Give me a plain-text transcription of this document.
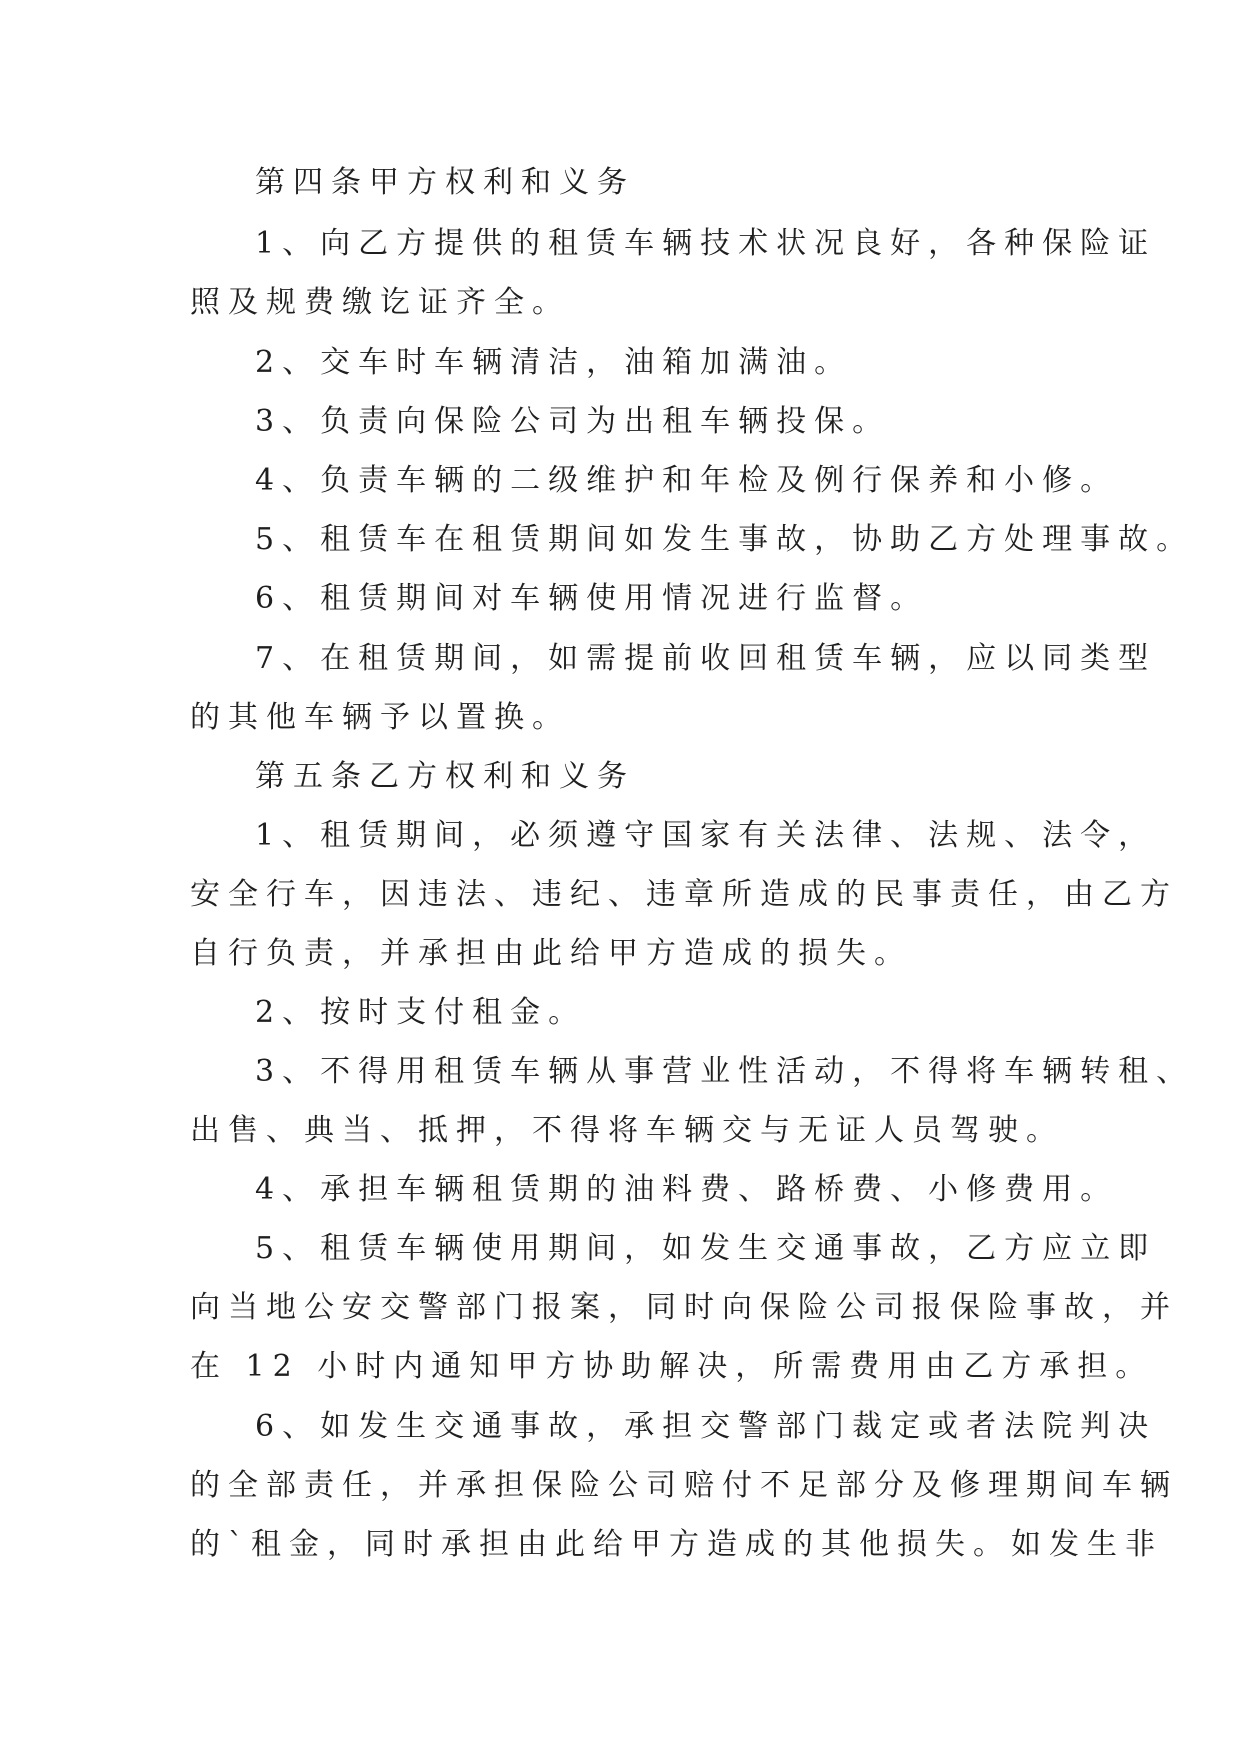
第四条甲方权利和义务
1、向乙方提供的租赁车辆技术状况良好，各种保险证
照及规费缴讫证齐全。
2、交车时车辆清洁，油箱加满油。
3、负责向保险公司为出租车辆投保。
4、负责车辆的二级维护和年检及例行保养和小修。
5、租赁车在租赁期间如发生事故，协助乙方处理事故。
6、租赁期间对车辆使用情况进行监督。
7、在租赁期间，如需提前收回租赁车辆，应以同类型
的其他车辆予以置换。
第五条乙方权利和义务
1、租赁期间，必须遵守国家有关法律、法规、法令，
安全行车，因违法、违纪、违章所造成的民事责任，由乙方
自行负责，并承担由此给甲方造成的损失。
2、按时支付租金。
3、不得用租赁车辆从事营业性活动，不得将车辆转租、
出售、典当、抵押，不得将车辆交与无证人员驾驶。
4、承担车辆租赁期的油料费、路桥费、小修费用。
5、租赁车辆使用期间，如发生交通事故，乙方应立即
向当地公安交警部门报案，同时向保险公司报保险事故，并
在 12 小时内通知甲方协助解决，所需费用由乙方承担。
6、如发生交通事故，承担交警部门裁定或者法院判决
的全部责任，并承担保险公司赔付不足部分及修理期间车辆
的`租金，同时承担由此给甲方造成的其他损失。如发生非
